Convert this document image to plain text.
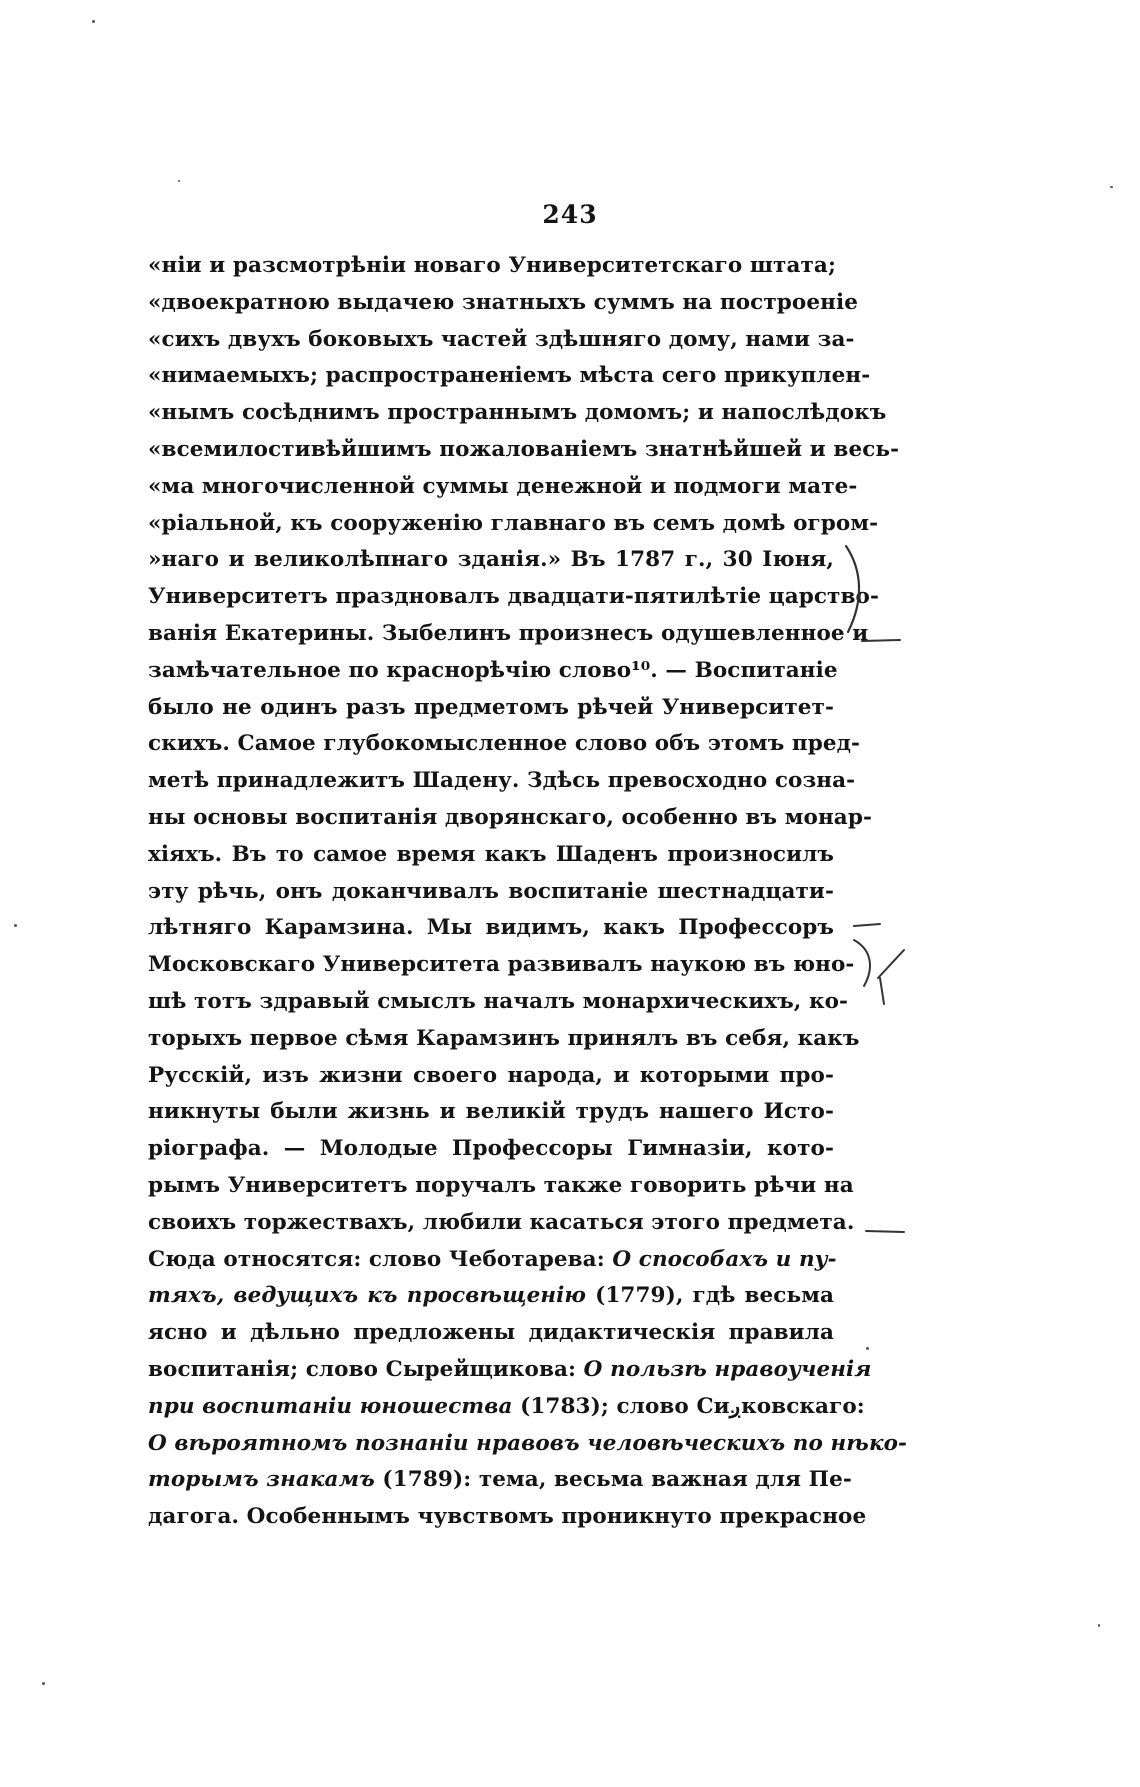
243
«ніи и разсмотрѣніи новаго Университетскаго штата;
«двоекратною выдачею знатныхъ суммъ на построеніе
«сихъ двухъ боковыхъ частей здѣшняго дому, нами за-
«нимаемыхъ; распространеніемъ мѣста сего прикуплен-
«нымъ сосѣднимъ пространнымъ домомъ; и напослѣдокъ
«всемилостивѣйшимъ пожалованіемъ знатнѣйшей и весь-
«ма многочисленной суммы денежной и подмоги мате-
«ріальной, къ сооруженію главнаго въ семъ домѣ огром-
»наго и великолѣпнаго зданія.» Въ 1787 г., 30 Іюня,
Университетъ праздновалъ двадцати-пятилѣтіе царство-
ванія Екатерины. Зыбелинъ произнесъ одушевленное и
замѣчательное по краснорѣчію слово¹⁰. — Воспитаніе
было не одинъ разъ предметомъ рѣчей Университет-
скихъ. Самое глубокомысленное слово объ этомъ пред-
метѣ принадлежитъ Шадену. Здѣсь превосходно созна-
ны основы воспитанія дворянскаго, особенно въ монар-
хіяхъ. Въ то самое время какъ Шаденъ произносилъ
эту рѣчь, онъ доканчивалъ воспитаніе шестнадцати-
лѣтняго Карамзина. Мы видимъ, какъ Профессоръ
Московскаго Университета развивалъ наукою въ юно-
шѣ тотъ здравый смыслъ началъ монархическихъ, ко-
торыхъ первое сѣмя Карамзинъ принялъ въ себя, какъ
Русскій, изъ жизни своего народа, и которыми про-
никнуты были жизнь и великій трудъ нашего Исто-
ріографа. — Молодые Профессоры Гимназіи, кото-
рымъ Университетъ поручалъ также говорить рѣчи на
своихъ торжествахъ, любили касаться этого предмета.
Сюда относятся: слово Чеботарева: О способахъ и пу-
тяхъ, ведущихъ къ просвѣщенію (1779), гдѣ весьма
ясно и дѣльно предложены дидактическія правила
воспитанія; слово Сырейщикова: О пользѣ нравоученія
при воспитаніи юношества (1783); слово Сиږковскаго:
О вѣроятномъ познаніи нравовъ человѣческихъ по нѣко-
торымъ знакамъ (1789): тема, весьма важная для Пе-
дагога. Особеннымъ чувствомъ проникнуто прекрасное
